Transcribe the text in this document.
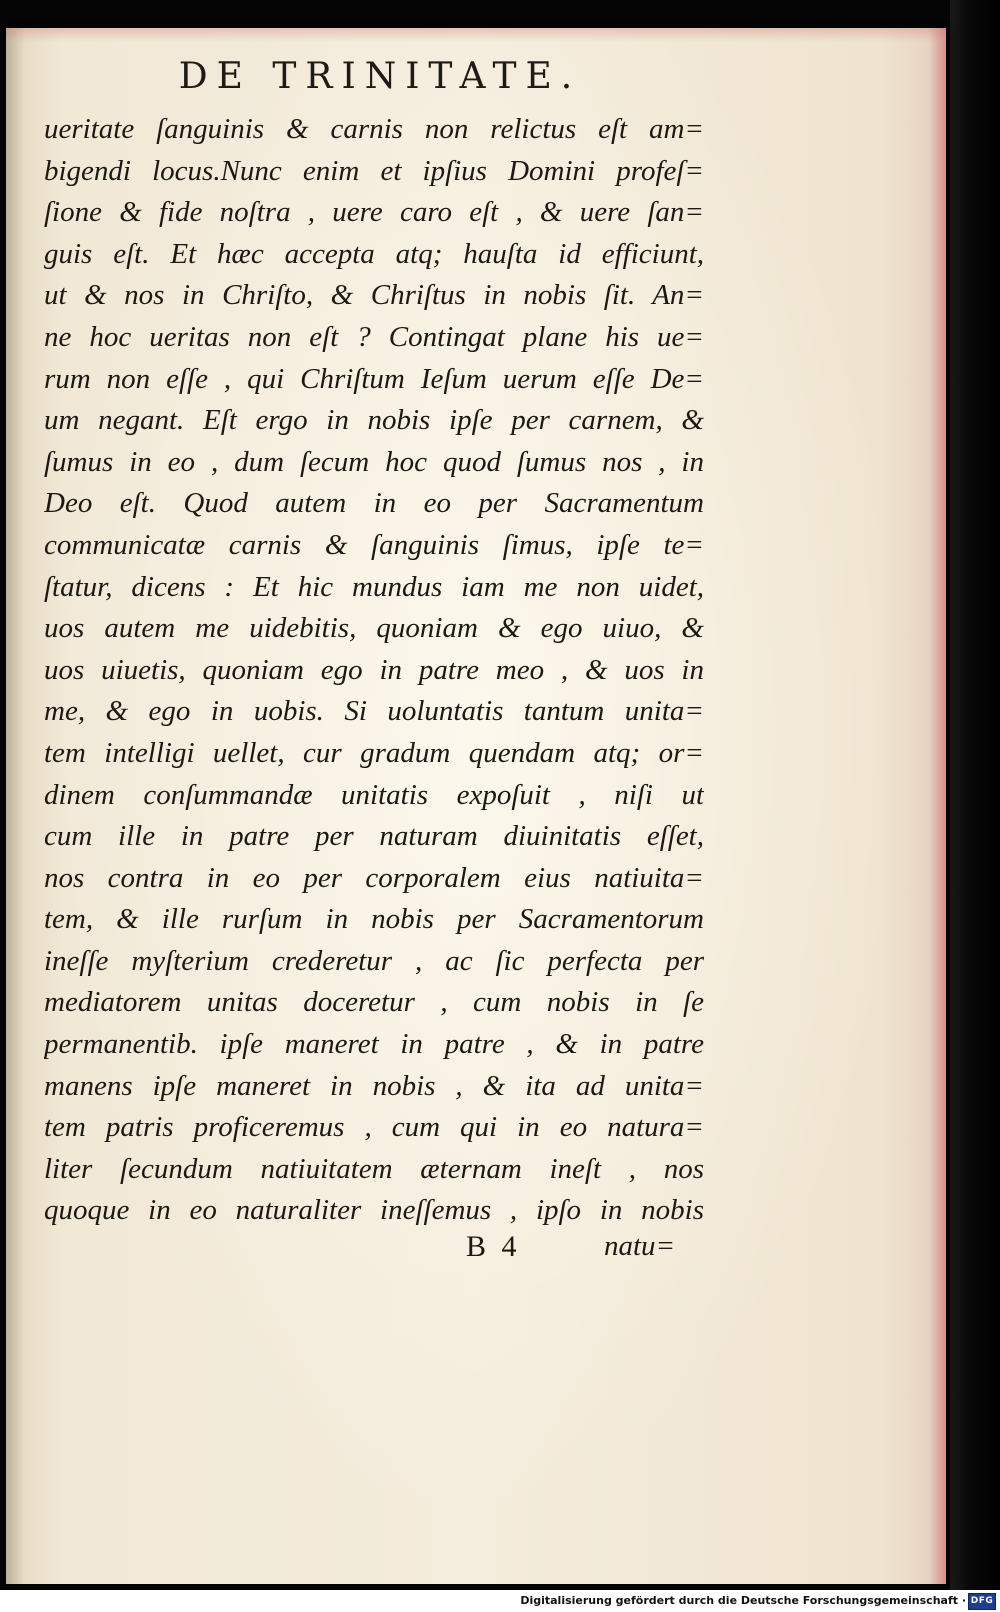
DE TRINITATE.
ueritate ſanguinis & carnis non relictus eſt am=
bigendi locus.Nunc enim et ipſius Domini profeſ=
ſione & fide noſtra , uere caro eſt , & uere ſan=
guis eſt. Et hæc accepta atq; hauſta id efficiunt,
ut & nos in Chriſto, & Chriſtus in nobis ſit. An=
ne hoc ueritas non eſt ? Contingat plane his ue=
rum non eſſe , qui Chriſtum Ieſum uerum eſſe De=
um negant. Eſt ergo in nobis ipſe per carnem, &
ſumus in eo , dum ſecum hoc quod ſumus nos , in
Deo eſt. Quod autem in eo per Sacramentum
communicatæ carnis & ſanguinis ſimus, ipſe te=
ſtatur, dicens : Et hic mundus iam me non uidet,
uos autem me uidebitis, quoniam & ego uiuo, &
uos uiuetis, quoniam ego in patre meo , & uos in
me, & ego in uobis. Si uoluntatis tantum unita=
tem intelligi uellet, cur gradum quendam atq; or=
dinem conſummandæ unitatis expoſuit , niſi ut
cum ille in patre per naturam diuinitatis eſſet,
nos contra in eo per corporalem eius natiuita=
tem, & ille rurſum in nobis per Sacramentorum
ineſſe myſterium crederetur , ac ſic perfecta per
mediatorem unitas doceretur , cum nobis in ſe
permanentib. ipſe maneret in patre , & in patre
manens ipſe maneret in nobis , & ita ad unita=
tem patris proficeremus , cum qui in eo natura=
liter ſecundum natiuitatem æternam ineſt , nos
quoque in eo naturaliter ineſſemus , ipſo in nobis
B 4	natu=
Digitalisierung gefördert durch die Deutsche Forschungsgemeinschaft · DFG
